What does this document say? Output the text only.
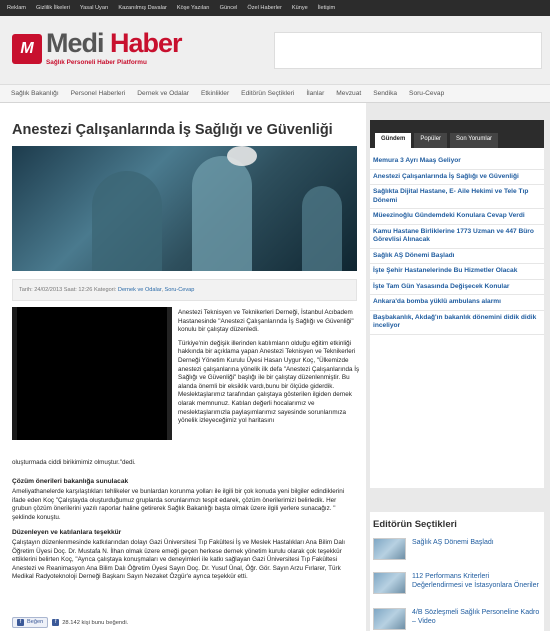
Reklam Gizlilik İlkeleri Yasal Uyarı Kazanılmış Davalar Köşe Yazıları Güncel Özel Haberler Künye İletişim
M Medi Haber
Sağlık Personeli Haber Platformu
Sağlık Bakanlığı Personel Haberleri Dernek ve Odalar Etkinlikler Editörün Seçtikleri İlanlar Mevzuat Sendika Soru-Cevap
Anestezi Çalışanlarında İş Sağlığı ve Güvenliği
Tarih: 24/02/2013 Saat: 12:26 Kategori: Dernek ve Odalar, Soru-Cevap

Anestezi Teknisyen ve Teknikerleri Derneği, İstanbul Acıbadem Hastanesinde "Anestezi Çalışanlarında İş Sağlığı ve Güvenliği" konulu bir çalıştay düzenledi.

Türkiye'nin değişik illerinden katılımların olduğu eğitim etkinliği hakkında bir açıklama yapan Anestezi Teknisyen ve Teknikerleri Derneği Yönetim Kurulu Üyesi Hasan Uygur Koç, "Ülkemizde anestezi çalışanlarına yönelik ilk defa "Anestezi Çalışanlarında İş Sağlığı ve Güvenliği" başlığı ile bir çalıştay düzenlenmiştir. Bu alanda önemli bir eksiklik vardı,bunu bir ölçüde giderdik. Meslektaşlarımız tarafından çalıştaya gösterilen ilgiden dernek olarak memnunuz. Katılan değerli hocalarımız ve meslektaşlarımızla paylaşımlarımız sayesinde sorunlarımıza yönelik izleyeceğimiz yol haritasını

oluşturmada ciddi birikimimiz olmuştur."dedi.
Çözüm önerileri bakanlığa sunulacak
Ameliyathanelerde karşılaştıkları tehlikeler ve bunlardan korunma yolları ile ilgili bir çok konuda yeni bilgiler edindiklerini ifade eden Koç "Çalıştayda oluşturduğumuz gruplarda sorunlarımızı tespit edarek, çözüm önerilerimizi belirledik. Her grubun çözüm önerilerini yazılı raporlar haline getirerek Sağlık Bakanlığı başta olmak üzere ilgili yerlere sunacağız. " şeklinde konuştu.
Düzenleyen ve katılanlara teşekkür
Çalıştayın düzenlenmesinde katkılarından dolayı Gazi Üniversitesi Tıp Fakültesi İş ve Meslek Hastalıkları Ana Bilim Dalı Öğretim Üyesi Doç. Dr. Mustafa N. İlhan olmak üzere emeği geçen herkese dernek yönetim kurulu olarak çok teşekkür ettiklerini belirten Koç, "Ayrıca çalıştaya konuşmaları ve deneyimleri ile katkı sağlayan Gazi Üniversitesi Tıp Fakültesi Anestezi ve Reanimasyon Ana Bilim Dalı Öğretim Üyesi Sayın Doç. Dr. Yusuf Ünal, Öğr. Gör. Sayın Arzu Fırlarer, Türk Medikal Radyoteknoloji Derneği Başkanı Sayın Nezaket Özgür'e ayrıca teşekkür etti.
f Beğen	f	28.142 kişi bunu beğendi.
Gündem	Popüler	Son Yorumlar
Memura 3 Ayrı Maaş Geliyor
Anestezi Çalışanlarında İş Sağlığı ve Güvenliği
Sağlıkta Dijital Hastane, E- Aile Hekimi ve Tele Tıp Dönemi
Müeezinoğlu Gündemdeki Konulara Cevap Verdi
Kamu Hastane Birliklerine 1773 Uzman ve 447 Büro Görevlisi Alınacak
Sağlık AŞ Dönemi Başladı
İşte Şehir Hastanelerinde Bu Hizmetler Olacak
İşte Tam Gün Yasasında Değişecek Konular
Ankara'da bomba yüklü ambulans alarmı
Başbakanlık, Akdağ'ın bakanlık dönemini didik didik inceliyor
Editörün Seçtikleri
Sağlık AŞ Dönemi Başladı
112 Performans Kriterleri Değerlendirmesi ve İstasyonlara Öneriler
4/B Sözleşmeli Sağlık Personeline Kadro – Video
